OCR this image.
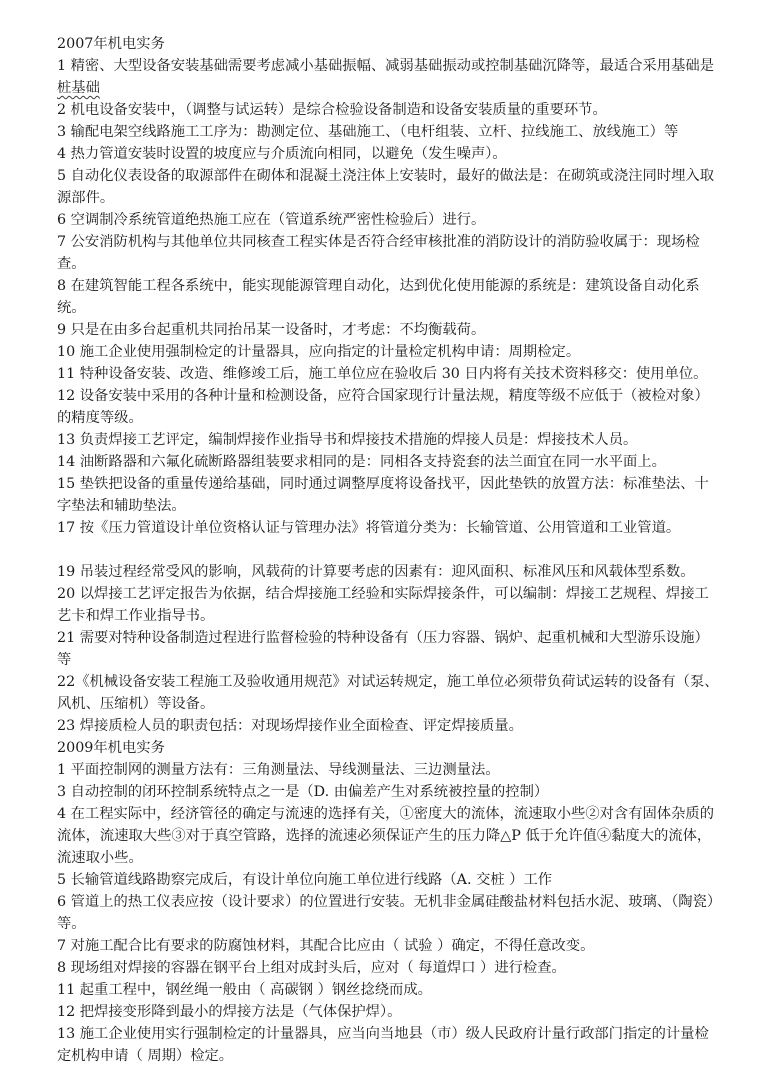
2007年机电实务
1 精密、大型设备安装基础需要考虑减小基础振幅、减弱基础振动或控制基础沉降等，最适合采用基础是桩基础
2 机电设备安装中，（调整与试运转）是综合检验设备制造和设备安装质量的重要环节。
3 输配电架空线路施工工序为：勘测定位、基础施工、（电杆组装、立杆、拉线施工、放线施工）等
4 热力管道安装时设置的坡度应与介质流向相同，以避免（发生噪声）。
5 自动化仪表设备的取源部件在砌体和混凝土浇注体上安装时，最好的做法是：在砌筑或浇注同时埋入取源部件。
6 空调制冷系统管道绝热施工应在（管道系统严密性检验后）进行。
7 公安消防机构与其他单位共同核查工程实体是否符合经审核批准的消防设计的消防验收属于：现场检查。
8 在建筑智能工程各系统中，能实现能源管理自动化，达到优化使用能源的系统是：建筑设备自动化系统。
9 只是在由多台起重机共同抬吊某一设备时，才考虑：不均衡载荷。
10 施工企业使用强制检定的计量器具，应向指定的计量检定机构申请：周期检定。
11 特种设备安装、改造、维修竣工后，施工单位应在验收后 30 日内将有关技术资料移交：使用单位。
12 设备安装中采用的各种计量和检测设备，应符合国家现行计量法规，精度等级不应低于（被检对象）的精度等级。
13 负责焊接工艺评定，编制焊接作业指导书和焊接技术措施的焊接人员是：焊接技术人员。
14 油断路器和六氟化硫断路器组装要求相同的是：同相各支持瓷套的法兰面宜在同一水平面上。
15 垫铁把设备的重量传递给基础，同时通过调整厚度将设备找平，因此垫铁的放置方法：标准垫法、十字垫法和辅助垫法。
17 按《压力管道设计单位资格认证与管理办法》将管道分类为：长输管道、公用管道和工业管道。
19 吊装过程经常受风的影响，风载荷的计算要考虑的因素有：迎风面积、标准风压和风载体型系数。
20 以焊接工艺评定报告为依据，结合焊接施工经验和实际焊接条件，可以编制：焊接工艺规程、焊接工艺卡和焊工作业指导书。
21 需要对特种设备制造过程进行监督检验的特种设备有（压力容器、锅炉、起重机械和大型游乐设施）等
22《机械设备安装工程施工及验收通用规范》对试运转规定，施工单位必须带负荷试运转的设备有（泵、风机、压缩机）等设备。
23 焊接质检人员的职责包括：对现场焊接作业全面检查、评定焊接质量。
2009年机电实务
1 平面控制网的测量方法有：三角测量法、导线测量法、三边测量法。
3 自动控制的闭环控制系统特点之一是（D. 由偏差产生对系统被控量的控制）
4 在工程实际中，经济管径的确定与流速的选择有关，①密度大的流体，流速取小些②对含有固体杂质的流体，流速取大些③对于真空管路，选择的流速必须保证产生的压力降△P 低于允许值④黏度大的流体，流速取小些。
5 长输管道线路勘察完成后，有设计单位向施工单位进行线路（A. 交桩 ）工作
6 管道上的热工仪表应按（设计要求）的位置进行安装。无机非金属硅酸盐材料包括水泥、玻璃、（陶瓷）等。
7 对施工配合比有要求的防腐蚀材料，其配合比应由（ 试验 ）确定，不得任意改变。
8 现场组对焊接的容器在钢平台上组对成封头后，应对（ 每道焊口 ）进行检查。
11 起重工程中，钢丝绳一般由（ 高碳钢 ）钢丝捻绕而成。
12 把焊接变形降到最小的焊接方法是（气体保护焊）。
13 施工企业使用实行强制检定的计量器具，应当向当地县（市）级人民政府计量行政部门指定的计量检定机构申请（ 周期）检定。
